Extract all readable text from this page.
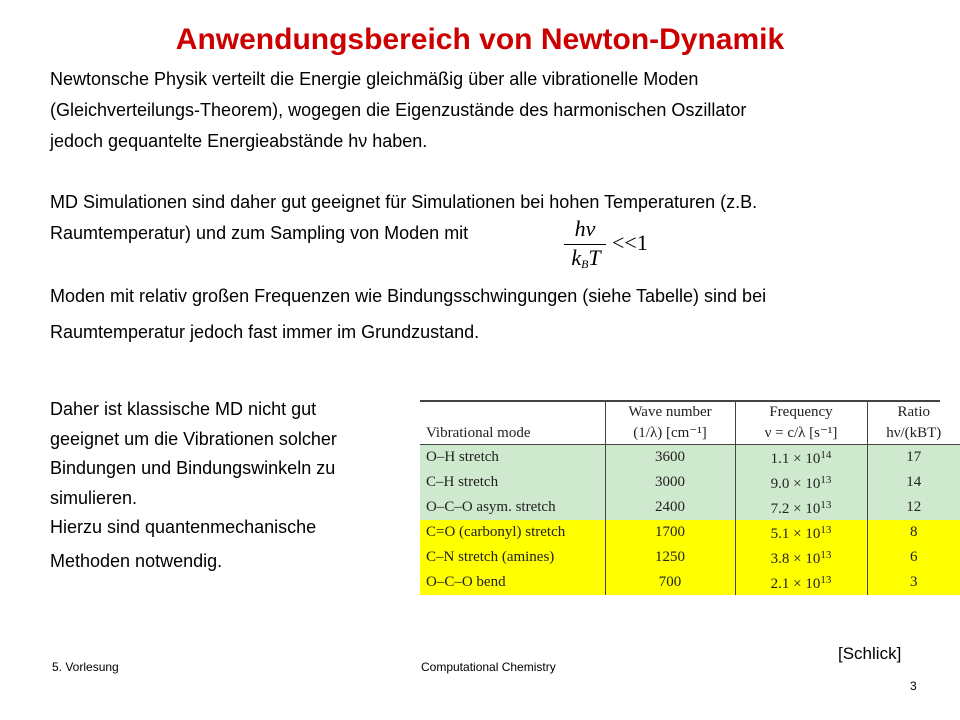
Anwendungsbereich von Newton-Dynamik
Newtonsche Physik verteilt die Energie gleichmäßig über alle vibrationelle Moden
(Gleichverteilungs-Theorem), wogegen die Eigenzustände des harmonischen Oszillator
jedoch gequantelte Energieabstände hν haben.
MD Simulationen sind daher gut geeignet für Simulationen bei hohen Temperaturen (z.B.
Raumtemperatur) und zum Sampling von Moden mit	hν
$k_BT$
<<1
Moden mit relativ großen Frequenzen wie Bindungsschwingungen (siehe Tabelle) sind bei
Raumtemperatur jedoch fast immer im Grundzustand.
Daher ist klassische MD nicht gut
geeignet um die Vibrationen solcher
Bindungen und Bindungswinkeln zu
simulieren.
Hierzu sind quantenmechanische
Methoden notwendig.
	Wave number	Frequency	Ratio
Vibrational mode	(1/λ) [cm⁻¹]	ν = c/λ [s⁻¹]	hν/(kBT)
O–H stretch	3600	$1.1 \times 10^{14}$	17
C–H stretch	3000	$9.0 \times 10^{13}$	14
O–C–O asym. stretch	2400	$7.2 \times 10^{13}$	12
C=O (carbonyl) stretch	1700	$5.1 \times 10^{13}$	8
C–N stretch (amines)	1250	$3.8 \times 10^{13}$	6
O–C–O bend	700	$2.1 \times 10^{13}$	3
[Schlick]
5. Vorlesung	Computational Chemistry
3
